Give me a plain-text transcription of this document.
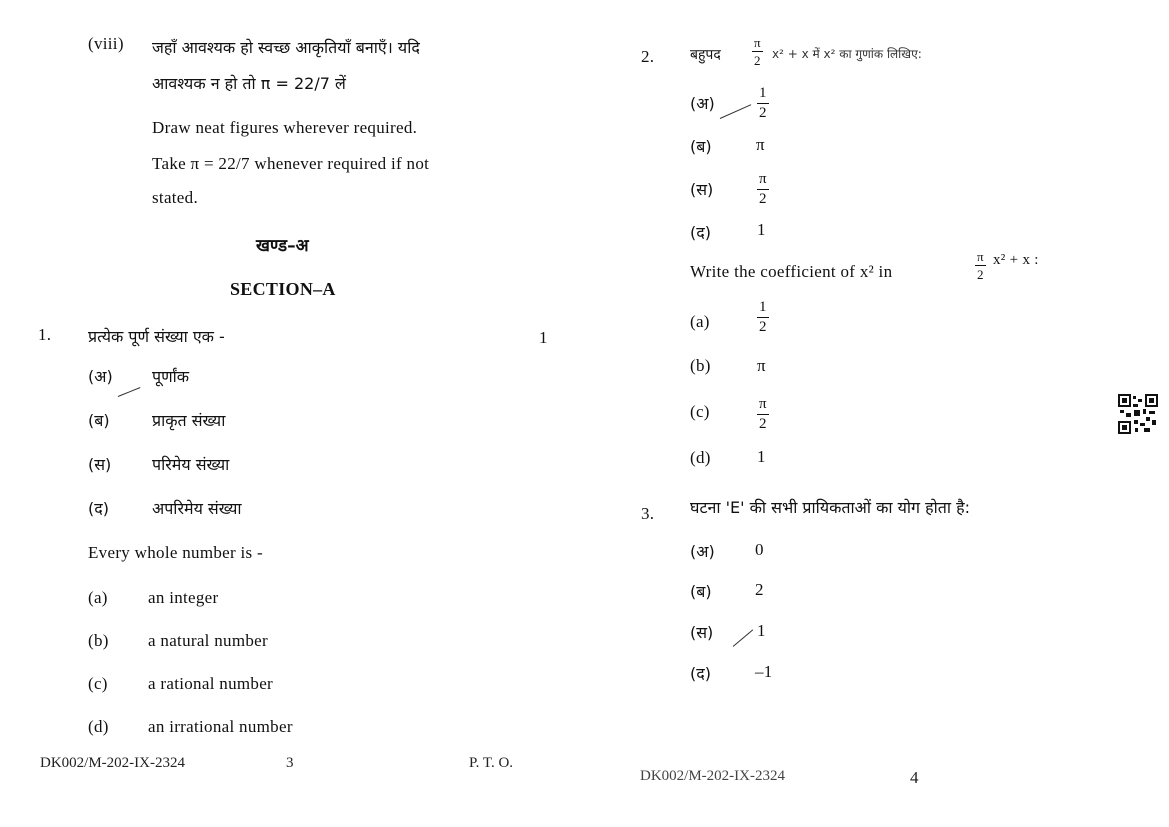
(viii) जहाँ आवश्यक हो स्वच्छ आकृतियाँ बनाएँ। यदि
आवश्यक न हो तो π = 22/7 लें
Draw neat figures wherever required.
Take π = 22/7 whenever required if not
stated.
खण्ड–अ
SECTION–A
1. प्रत्येक पूर्ण संख्या एक -	1
(अ) पूर्णांक
(ब)	प्राकृत संख्या
(स)	परिमेय संख्या
(द)	अपरिमेय संख्या
Every whole number is -
(a) an integer
(b) a natural number
(c) a rational number
(d) an irrational number
DK002/M-202-IX-2324	3	P. T. O.
2.	बहुपद $\frac{\pi}{2} x^2 + x$ में x² का गुणांक लिखिए:
(अ)	$\frac{1}{2}$
(ब)	π
(स)	$\frac{\pi}{2}$
(द)	1
Write the coefficient of x² in	$\frac{\pi}{2} x^2 + x$ :
(a)	$\frac{1}{2}$
(b)	π
(c)	$\frac{\pi}{2}$
(d)	1
3. घटना 'E' की सभी प्रायिकताओं का योग होता है:
(अ) 0
(ब)	2
(स)	1
(द)	–1
DK002/M-202-IX-2324	4
